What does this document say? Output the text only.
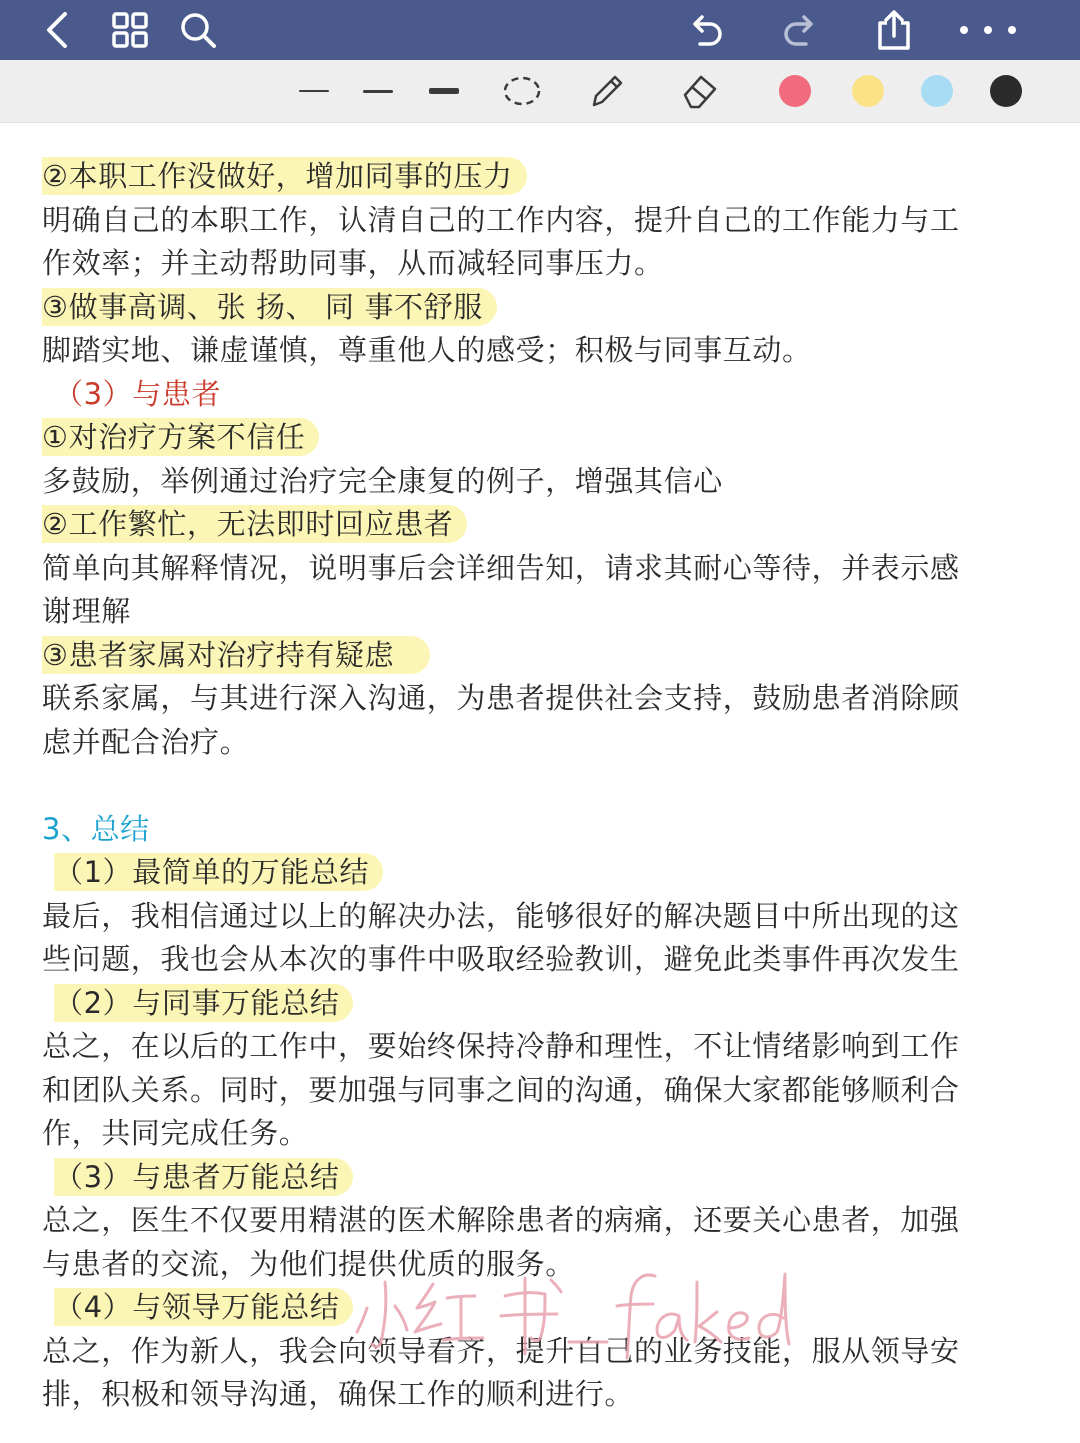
②本职工作没做好，增加同事的压力
明确自己的本职工作，认清自己的工作内容，提升自己的工作能力与工
作效率；并主动帮助同事，从而减轻同事压力。
③做事高调、张 扬、 同 事不舒服
脚踏实地、谦虚谨慎，尊重他人的感受；积极与同事互动。
（3）与患者
①对治疗方案不信任
多鼓励，举例通过治疗完全康复的例子，增强其信心
②工作繁忙，无法即时回应患者
简单向其解释情况，说明事后会详细告知，请求其耐心等待，并表示感
谢理解
③患者家属对治疗持有疑虑
联系家属，与其进行深入沟通，为患者提供社会支持，鼓励患者消除顾
虑并配合治疗。
3、总结
（1）最简单的万能总结
最后，我相信通过以上的解决办法，能够很好的解决题目中所出现的这
些问题，我也会从本次的事件中吸取经验教训，避免此类事件再次发生
（2）与同事万能总结
总之，在以后的工作中，要始终保持冷静和理性，不让情绪影响到工作
和团队关系。同时，要加强与同事之间的沟通，确保大家都能够顺利合
作，共同完成任务。
（3）与患者万能总结
总之，医生不仅要用精湛的医术解除患者的病痛，还要关心患者，加强
与患者的交流，为他们提供优质的服务。
（4）与领导万能总结
总之，作为新人，我会向领导看齐，提升自己的业务技能，服从领导安
排，积极和领导沟通，确保工作的顺利进行。
